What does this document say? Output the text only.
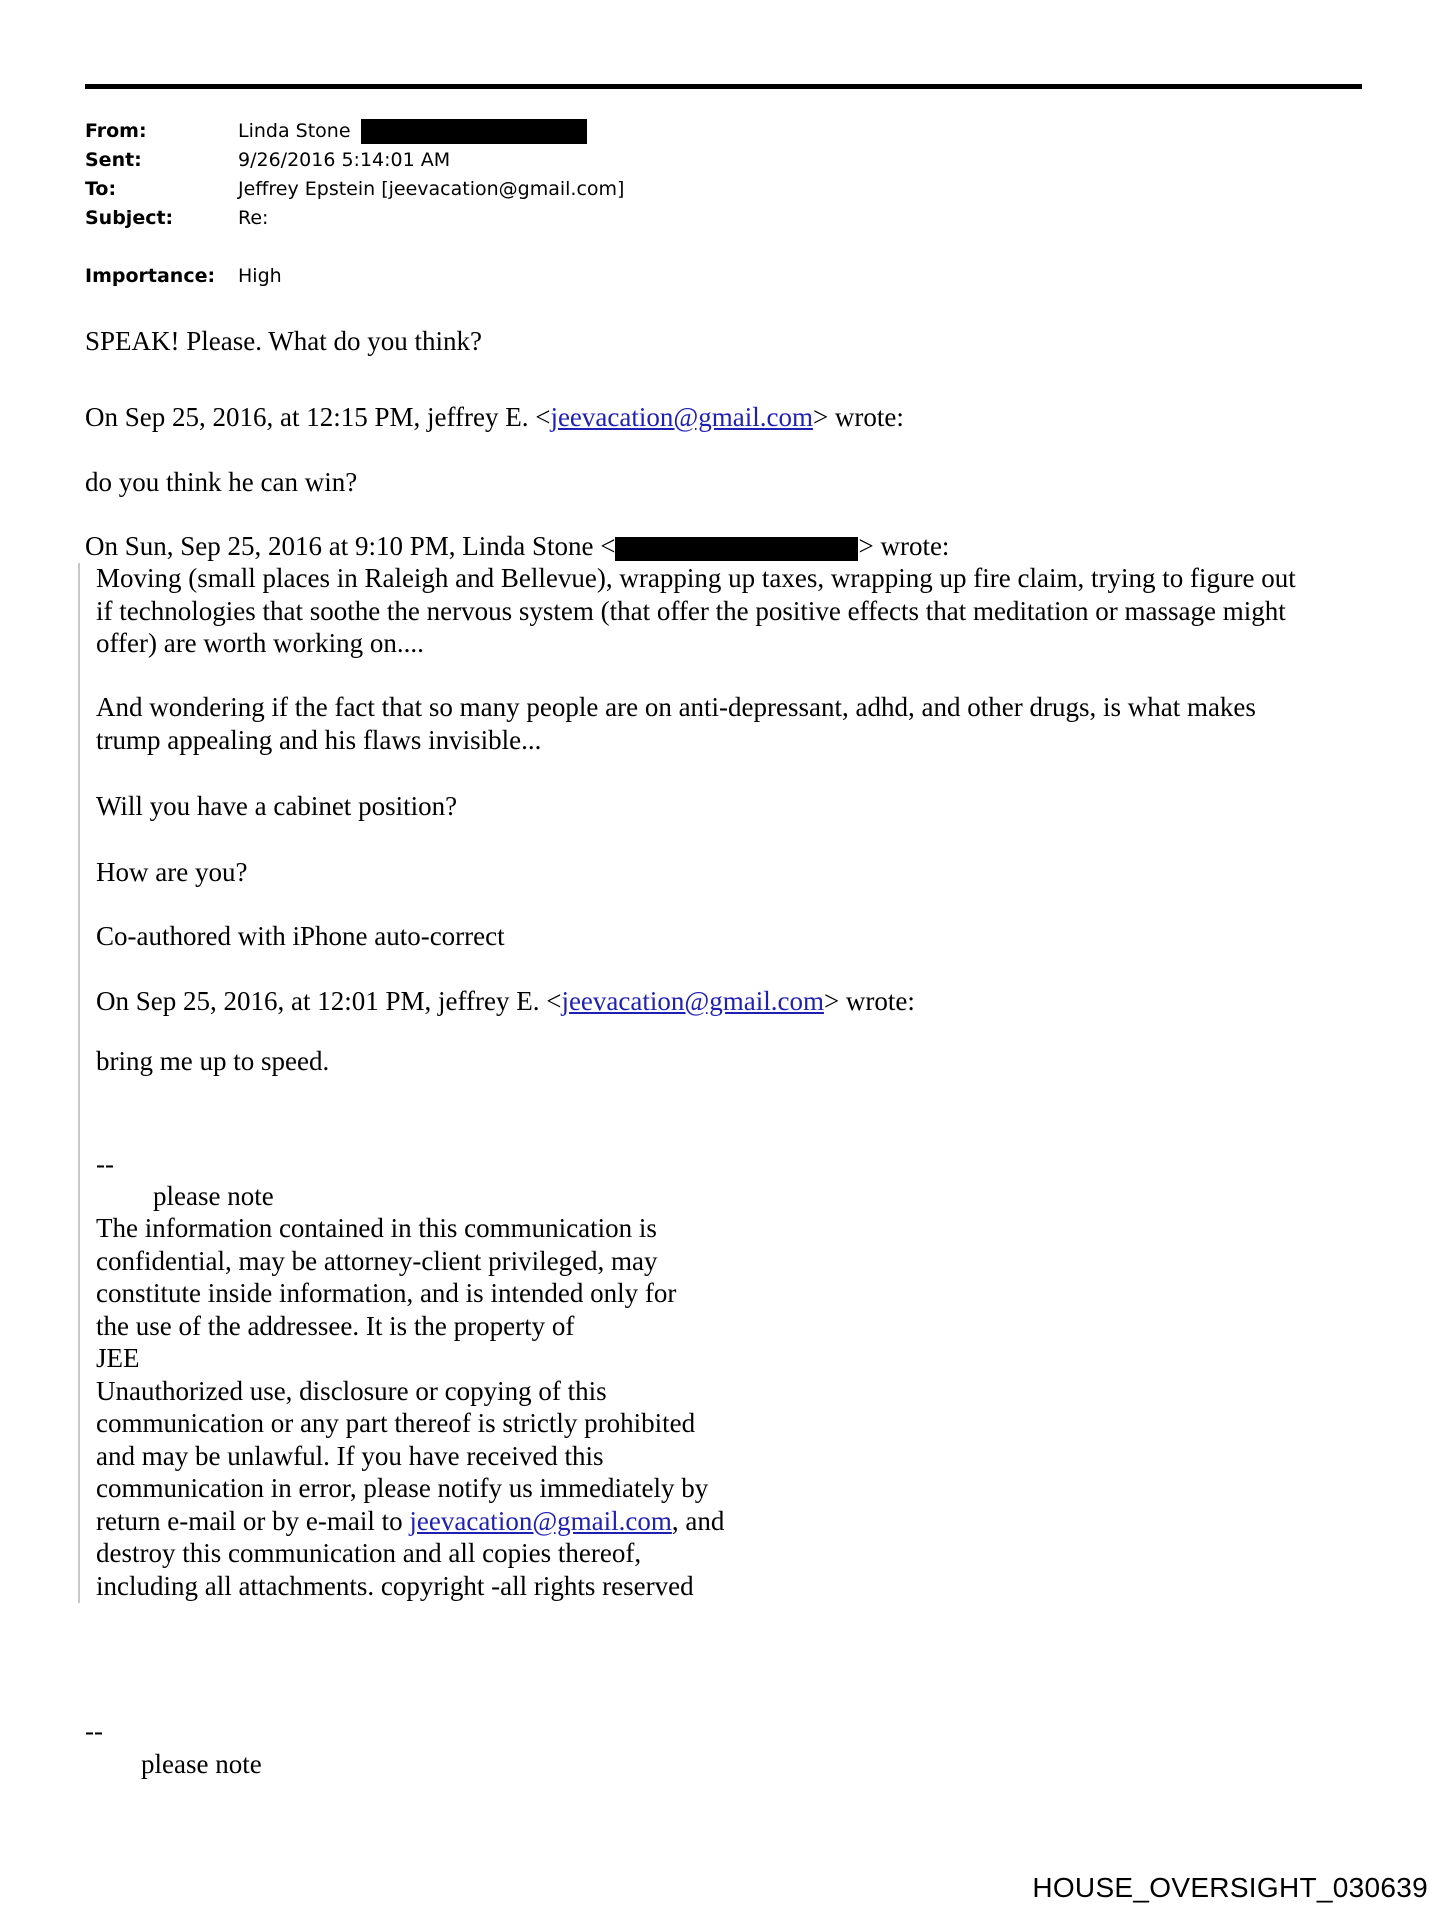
From:	Linda Stone
Sent:	9/26/2016 5:14:01 AM
To:	Jeffrey Epstein [jeevacation@gmail.com]
Subject:	Re:
Importance: High
SPEAK! Please. What do you think?
On Sep 25, 2016, at 12:15 PM, jeffrey E. <jeevacation@gmail.com> wrote:
do you think he can win?
On Sun, Sep 25, 2016 at 9:10 PM, Linda Stone <	> wrote:
Moving (small places in Raleigh and Bellevue), wrapping up taxes, wrapping up fire claim, trying to figure out
if technologies that soothe the nervous system (that offer the positive effects that meditation or massage might
offer) are worth working on....
And wondering if the fact that so many people are on anti-depressant, adhd, and other drugs, is what makes
trump appealing and his flaws invisible...
Will you have a cabinet position?
How are you?
Co-authored with iPhone auto-correct
On Sep 25, 2016, at 12:01 PM, jeffrey E. <jeevacation@gmail.com> wrote:
bring me up to speed.
--
please note
The information contained in this communication is
confidential, may be attorney-client privileged, may
constitute inside information, and is intended only for
the use of the addressee. It is the property of
JEE
Unauthorized use, disclosure or copying of this
communication or any part thereof is strictly prohibited
and may be unlawful. If you have received this
communication in error, please notify us immediately by
return e-mail or by e-mail to jeevacation@gmail.com, and
destroy this communication and all copies thereof,
including all attachments. copyright -all rights reserved
--
please note
HOUSE_OVERSIGHT_030639
